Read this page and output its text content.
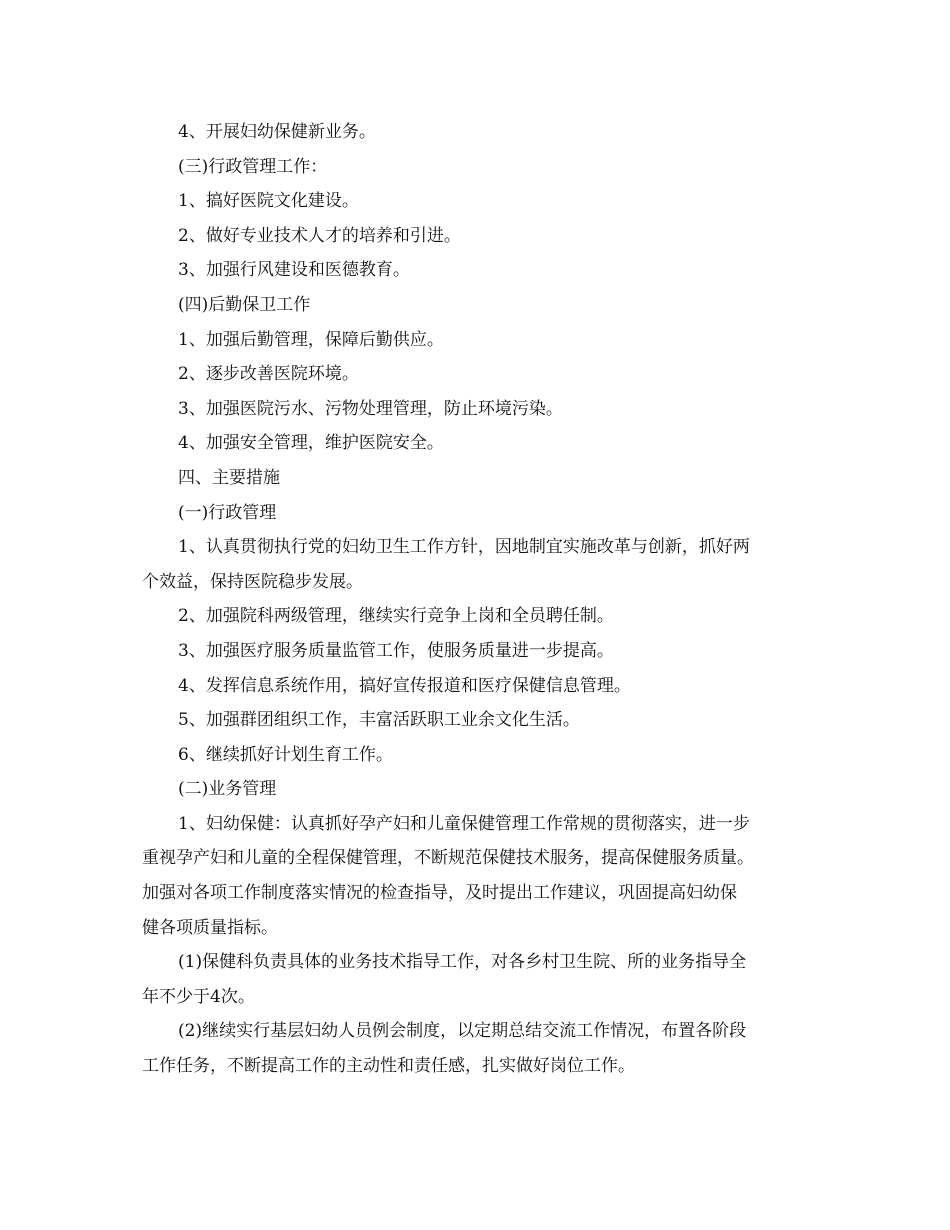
4、开展妇幼保健新业务。
(三)行政管理工作：
1、搞好医院文化建设。
2、做好专业技术人才的培养和引进。
3、加强行风建设和医德教育。
(四)后勤保卫工作
1、加强后勤管理，保障后勤供应。
2、逐步改善医院环境。
3、加强医院污水、污物处理管理，防止环境污染。
4、加强安全管理，维护医院安全。
四、主要措施
(一)行政管理
1、认真贯彻执行党的妇幼卫生工作方针，因地制宜实施改革与创新，抓好两
个效益，保持医院稳步发展。
2、加强院科两级管理，继续实行竞争上岗和全员聘任制。
3、加强医疗服务质量监管工作，使服务质量进一步提高。
4、发挥信息系统作用，搞好宣传报道和医疗保健信息管理。
5、加强群团组织工作，丰富活跃职工业余文化生活。
6、继续抓好计划生育工作。
(二)业务管理
1、妇幼保健：认真抓好孕产妇和儿童保健管理工作常规的贯彻落实，进一步
重视孕产妇和儿童的全程保健管理，不断规范保健技术服务，提高保健服务质量。
加强对各项工作制度落实情况的检查指导，及时提出工作建议，巩固提高妇幼保
健各项质量指标。
(1)保健科负责具体的业务技术指导工作，对各乡村卫生院、所的业务指导全
年不少于4次。
(2)继续实行基层妇幼人员例会制度，以定期总结交流工作情况，布置各阶段
工作任务，不断提高工作的主动性和责任感，扎实做好岗位工作。
